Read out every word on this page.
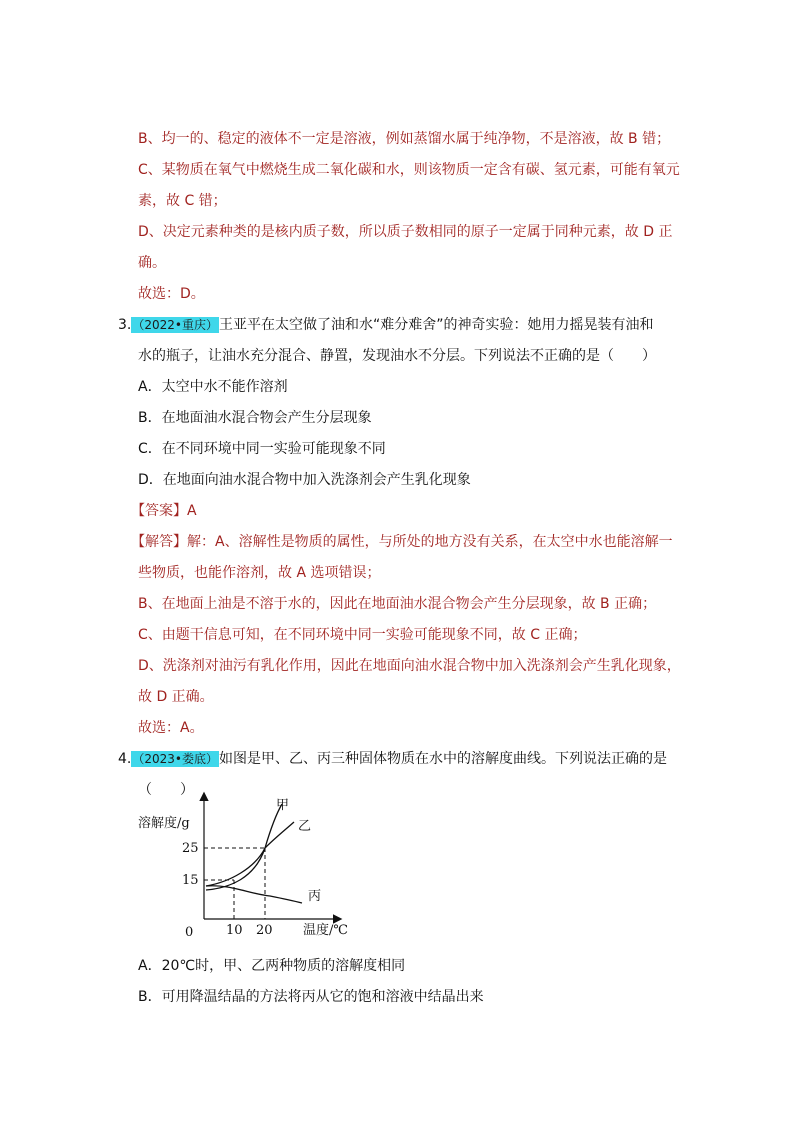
B、均一的、稳定的液体不一定是溶液，例如蒸馏水属于纯净物，不是溶液，故 B 错；
C、某物质在氧气中燃烧生成二氧化碳和水，则该物质一定含有碳、氢元素，可能有氧元
素，故 C 错；
D、决定元素种类的是核内质子数，所以质子数相同的原子一定属于同种元素，故 D 正
确。
故选：D。
3.（2022•重庆）王亚平在太空做了油和水“难分难舍”的神奇实验：她用力摇晃装有油和
水的瓶子，让油水充分混合、静置，发现油水不分层。下列说法不正确的是（　　）
A．太空中水不能作溶剂
B．在地面油水混合物会产生分层现象
C．在不同环境中同一实验可能现象不同
D．在地面向油水混合物中加入洗涤剂会产生乳化现象
【答案】A
【解答】解：A、溶解性是物质的属性，与所处的地方没有关系，在太空中水也能溶解一
些物质，也能作溶剂，故 A 选项错误；
B、在地面上油是不溶于水的，因此在地面油水混合物会产生分层现象，故 B 正确；
C、由题干信息可知，在不同环境中同一实验可能现象不同，故 C 正确；
D、洗涤剂对油污有乳化作用，因此在地面向油水混合物中加入洗涤剂会产生乳化现象，
故 D 正确。
故选：A。
4.（2023•娄底）如图是甲、乙、丙三种固体物质在水中的溶解度曲线。下列说法正确的是
（　　）
溶解度/g
温度/℃
0
25
15
10 20
甲
乙
丙
A．20℃时，甲、乙两种物质的溶解度相同
B．可用降温结晶的方法将丙从它的饱和溶液中结晶出来
